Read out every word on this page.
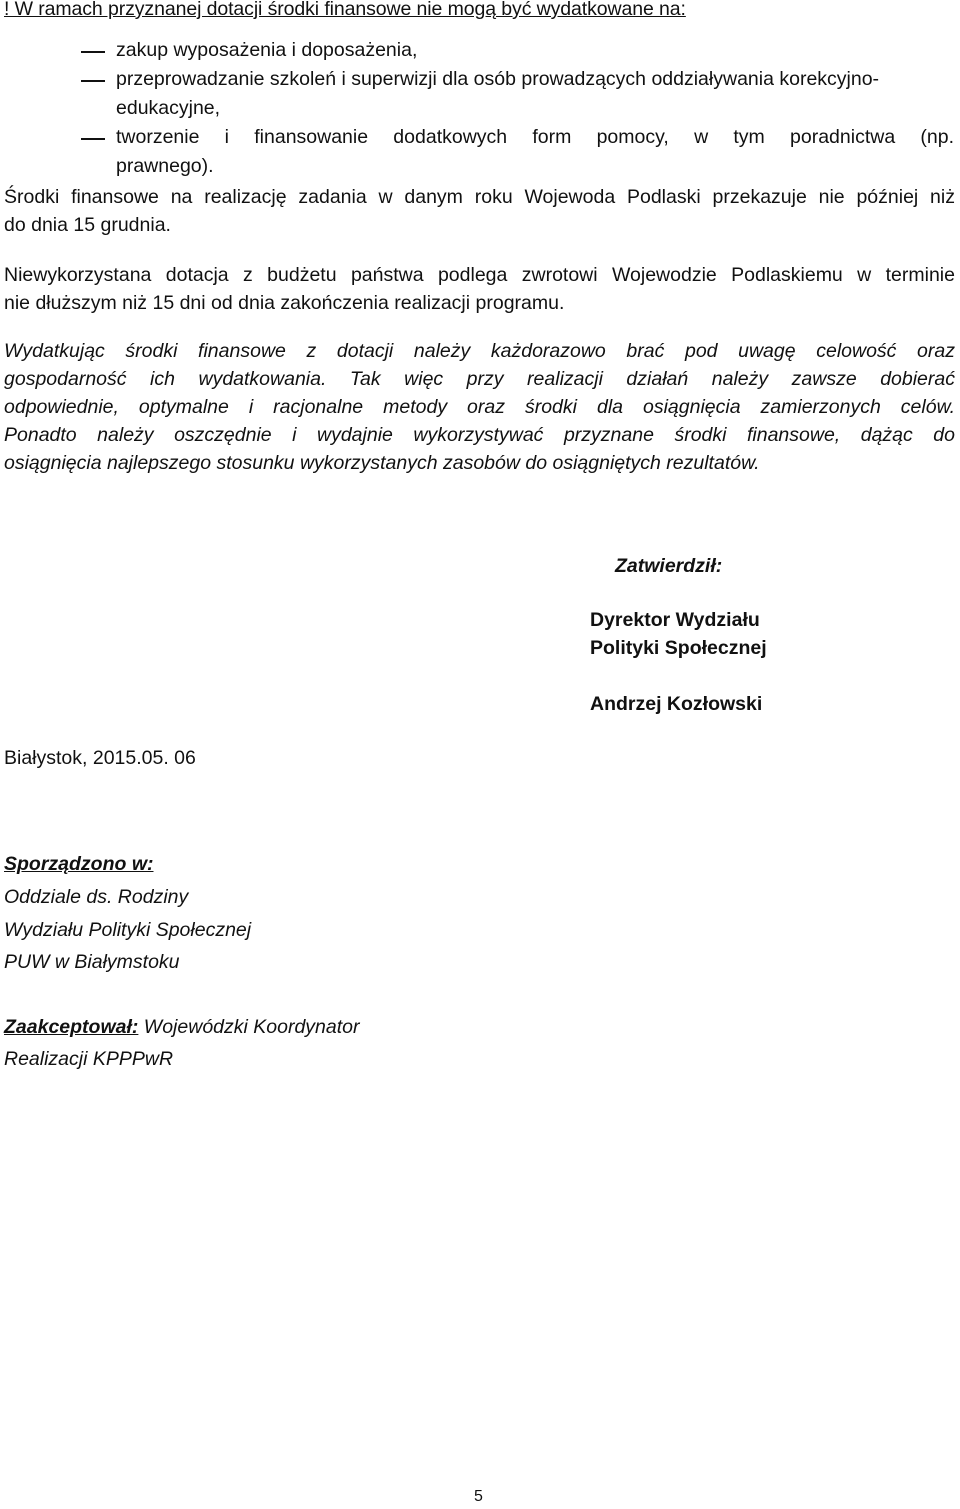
! W ramach przyznanej dotacji środki finansowe nie mogą być wydatkowane na:

zakup wyposażenia i doposażenia,
przeprowadzanie szkoleń i superwizji dla osób prowadzących oddziaływania korekcyjno-
edukacyjne,
tworzenie i finansowanie dodatkowych form pomocy, w tym poradnictwa (np.
prawnego).

Środki finansowe na realizację zadania w danym roku Wojewoda Podlaski przekazuje nie później niż
do dnia 15 grudnia.

Niewykorzystana dotacja z budżetu państwa podlega zwrotowi Wojewodzie Podlaskiemu w terminie
nie dłuższym niż 15 dni od dnia zakończenia realizacji programu.

Wydatkując środki finansowe z dotacji należy każdorazowo brać pod uwagę celowość oraz
gospodarność ich wydatkowania. Tak więc przy realizacji działań należy zawsze dobierać
odpowiednie, optymalne i racjonalne metody oraz środki dla osiągnięcia zamierzonych celów.
Ponadto należy oszczędnie i wydajnie wykorzystywać przyznane środki finansowe, dążąc do
osiągnięcia najlepszego stosunku wykorzystanych zasobów do osiągniętych rezultatów.

Zatwierdził:

Dyrektor Wydziału

Polityki Społecznej

Andrzej Kozłowski

Białystok, 2015.05. 06

Sporządzono w:

Oddziale ds. Rodziny

Wydziału Polityki Społecznej

PUW w Białymstoku

Zaakceptował: Wojewódzki Koordynator

Realizacji KPPPwR

5
